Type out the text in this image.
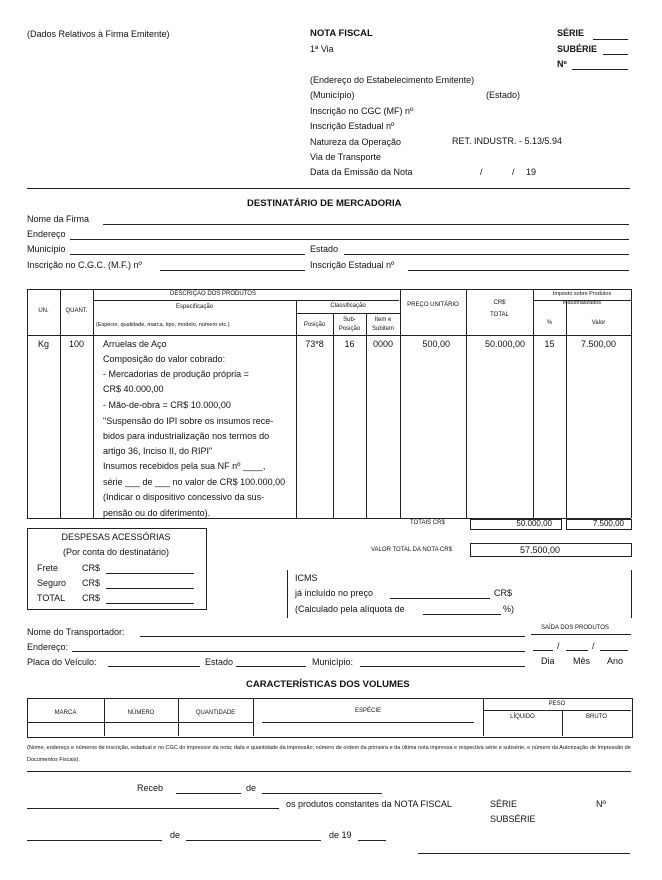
(Dados Relativos à Firma Emitente)	NOTA FISCAL
1ª Via
SÉRIE
SUBÉRIE
Nº
(Endereço do Estabelecimento Emitente)
(Município)	(Estado)
Inscrição no CGC (MF) nº
Inscrição Estadual nº
Natureza da Operação	RET. INDUSTR. - 5.13/5.94
Via de Transporte
Data da Emissão da Nota	/	/ 19
DESTINATÁRIO DE MERCADORIA
Nome da Firma
Endereço
Município	Estado
Inscrição no C.G.C. (M.F.) nº	Inscrição Estadual nº
UN.	QUANT.
DESCRIÇÃO DOS PRODUTOS
Especificação
(Espécie, qualidade, marca, tipo, modelo, número etc.)
Classificação
Posição
Sub-Posição
Item e Subitem
PREÇO UNITÁRIO	CR$
TOTAL
Imposto sobre Produtos Industrializados
%	Valor
Kg	100	73*8	16	0000	500,00	50.000,00	15	7.500,00
Arruelas de Aço
Composição do valor cobrado:
- Mercadorias de produção própria =
CR$ 40.000,00
- Mão-de-obra = CR$ 10.000,00
"Suspensão do IPI sobre os insumos rece-
bidos para industrialização nos termos do
artigo 36, Inciso II, do RIPI"
Insumos recebidos pela sua NF nº ____,
série ___ de ___ no valor de CR$ 100.000,00
(Indicar o dispositivo concessivo da sus-
pensão ou do diferimento).
TOTAIS CR$	50.000,00	7.500,00
DESPESAS ACESSÓRIAS
(Por conta do destinatário)
Frete	CR$
Seguro CR$
TOTAL CR$
VALOR TOTAL DA NOTA CR$	57.500,00
ICMS
já incluído no preço	CR$
(Calculado pela alíquota de	%)
Nome do Transportador:
Endereço:
Placa do Veículo:	Estado	Município:
SAÍDA DOS PRODUTOS
/	/
Dia Mês Ano
CARACTERÍSTICAS DOS VOLUMES
MARCA	NÚMERO	QUANTIDADE	ESPÉCIE
PESO
LÍQUIDO	BRUTO
(Nome, endereço e números de inscrição, estadual e no CGC do impressor da nota; data e quantidade da impressão; número de ordem da primeira e da última nota impressa e respectiva série e subsérie, e número da Autorização de Impressão de Documentos Fiscais).
Receb	de
os produtos constantes da NOTA FISCAL	SÉRIE	Nº
SUBSÉRIE
de	de 19
